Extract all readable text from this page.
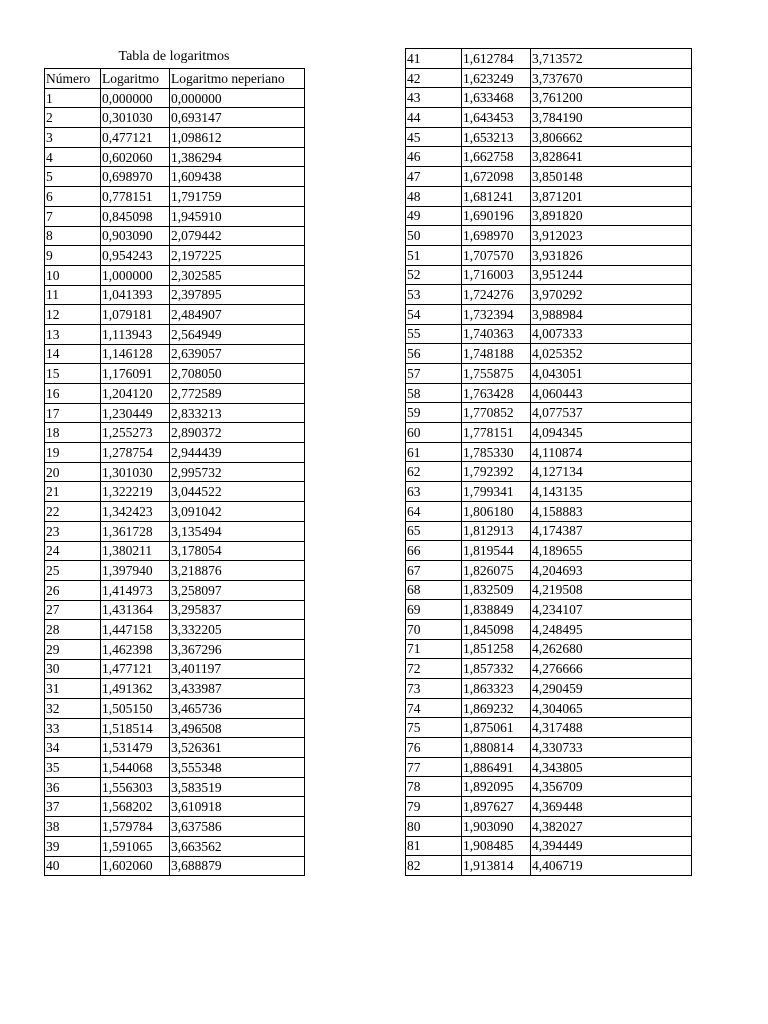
Tabla de logaritmos
Número	Logaritmo	Logaritmo neperiano
1	0,000000	0,000000
2	0,301030	0,693147
3	0,477121	1,098612
4	0,602060	1,386294
5	0,698970	1,609438
6	0,778151	1,791759
7	0,845098	1,945910
8	0,903090	2,079442
9	0,954243	2,197225
10	1,000000	2,302585
11	1,041393	2,397895
12	1,079181	2,484907
13	1,113943	2,564949
14	1,146128	2,639057
15	1,176091	2,708050
16	1,204120	2,772589
17	1,230449	2,833213
18	1,255273	2,890372
19	1,278754	2,944439
20	1,301030	2,995732
21	1,322219	3,044522
22	1,342423	3,091042
23	1,361728	3,135494
24	1,380211	3,178054
25	1,397940	3,218876
26	1,414973	3,258097
27	1,431364	3,295837
28	1,447158	3,332205
29	1,462398	3,367296
30	1,477121	3,401197
31	1,491362	3,433987
32	1,505150	3,465736
33	1,518514	3,496508
34	1,531479	3,526361
35	1,544068	3,555348
36	1,556303	3,583519
37	1,568202	3,610918
38	1,579784	3,637586
39	1,591065	3,663562
40	1,602060	3,688879
41	1,612784	3,713572
42	1,623249	3,737670
43	1,633468	3,761200
44	1,643453	3,784190
45	1,653213	3,806662
46	1,662758	3,828641
47	1,672098	3,850148
48	1,681241	3,871201
49	1,690196	3,891820
50	1,698970	3,912023
51	1,707570	3,931826
52	1,716003	3,951244
53	1,724276	3,970292
54	1,732394	3,988984
55	1,740363	4,007333
56	1,748188	4,025352
57	1,755875	4,043051
58	1,763428	4,060443
59	1,770852	4,077537
60	1,778151	4,094345
61	1,785330	4,110874
62	1,792392	4,127134
63	1,799341	4,143135
64	1,806180	4,158883
65	1,812913	4,174387
66	1,819544	4,189655
67	1,826075	4,204693
68	1,832509	4,219508
69	1,838849	4,234107
70	1,845098	4,248495
71	1,851258	4,262680
72	1,857332	4,276666
73	1,863323	4,290459
74	1,869232	4,304065
75	1,875061	4,317488
76	1,880814	4,330733
77	1,886491	4,343805
78	1,892095	4,356709
79	1,897627	4,369448
80	1,903090	4,382027
81	1,908485	4,394449
82	1,913814	4,406719
